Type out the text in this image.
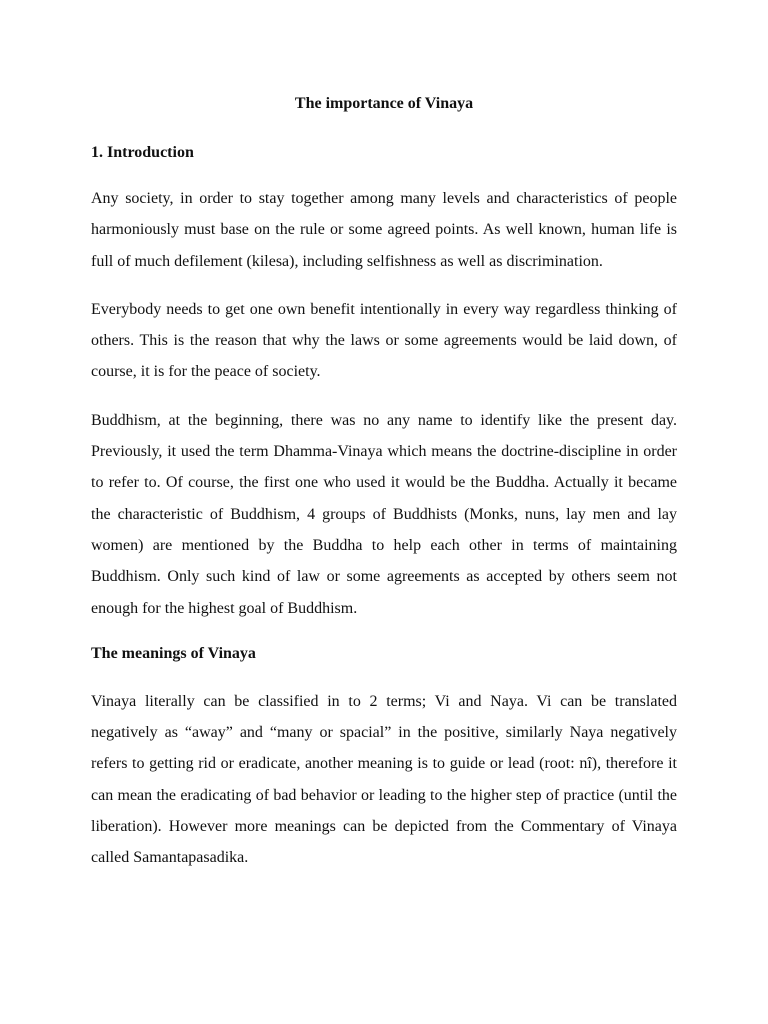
The importance of Vinaya

1. Introduction

Any society, in order to stay together among many levels and characteristics of people harmoniously must base on the rule or some agreed points. As well known, human life is full of much defilement (kilesa), including selfishness as well as discrimination.

Everybody needs to get one own benefit intentionally in every way regardless thinking of others. This is the reason that why the laws or some agreements would be laid down, of course, it is for the peace of society.

Buddhism, at the beginning, there was no any name to identify like the present day. Previously, it used the term Dhamma-Vinaya which means the doctrine-discipline in order to refer to. Of course, the first one who used it would be the Buddha. Actually it became the characteristic of Buddhism, 4 groups of Buddhists (Monks, nuns, lay men and lay women) are mentioned by the Buddha to help each other in terms of maintaining Buddhism. Only such kind of law or some agreements as accepted by others seem not enough for the highest goal of Buddhism.

The meanings of Vinaya

Vinaya literally can be classified in to 2 terms; Vi and Naya. Vi can be translated negatively as “away” and “many or spacial” in the positive, similarly Naya negatively refers to getting rid or eradicate, another meaning is to guide or lead (root: nî), therefore it can mean the eradicating of bad behavior or leading to the higher step of practice (until the liberation). However more meanings can be depicted from the Commentary of Vinaya called Samantapasadika.
